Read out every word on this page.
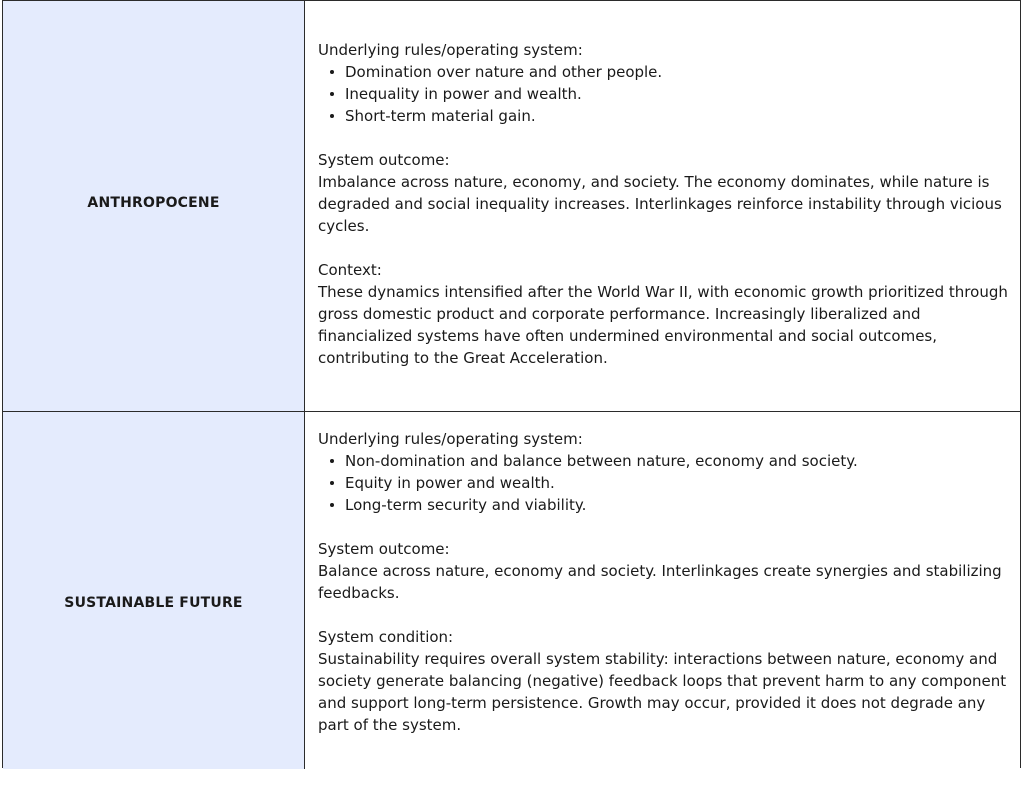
ANTHROPOCENE

Underlying rules/operating system:

Domination over nature and other people.
Inequality in power and wealth.
Short-term material gain.

System outcome:

Imbalance across nature, economy, and society. The economy dominates, while nature is degraded and social inequality increases. Interlinkages reinforce instability through vicious cycles.

Context:

These dynamics intensified after the World War II, with economic growth prioritized through gross domestic product and corporate performance. Increasingly liberalized and financialized systems have often undermined environmental and social outcomes, contributing to the Great Acceleration.

SUSTAINABLE FUTURE

Underlying rules/operating system:

Non-domination and balance between nature, economy and society.
Equity in power and wealth.
Long-term security and viability.

System outcome:

Balance across nature, economy and society. Interlinkages create synergies and stabilizing feedbacks.

System condition:

Sustainability requires overall system stability: interactions between nature, economy and society generate balancing (negative) feedback loops that prevent harm to any component and support long-term persistence. Growth may occur, provided it does not degrade any part of the system.
